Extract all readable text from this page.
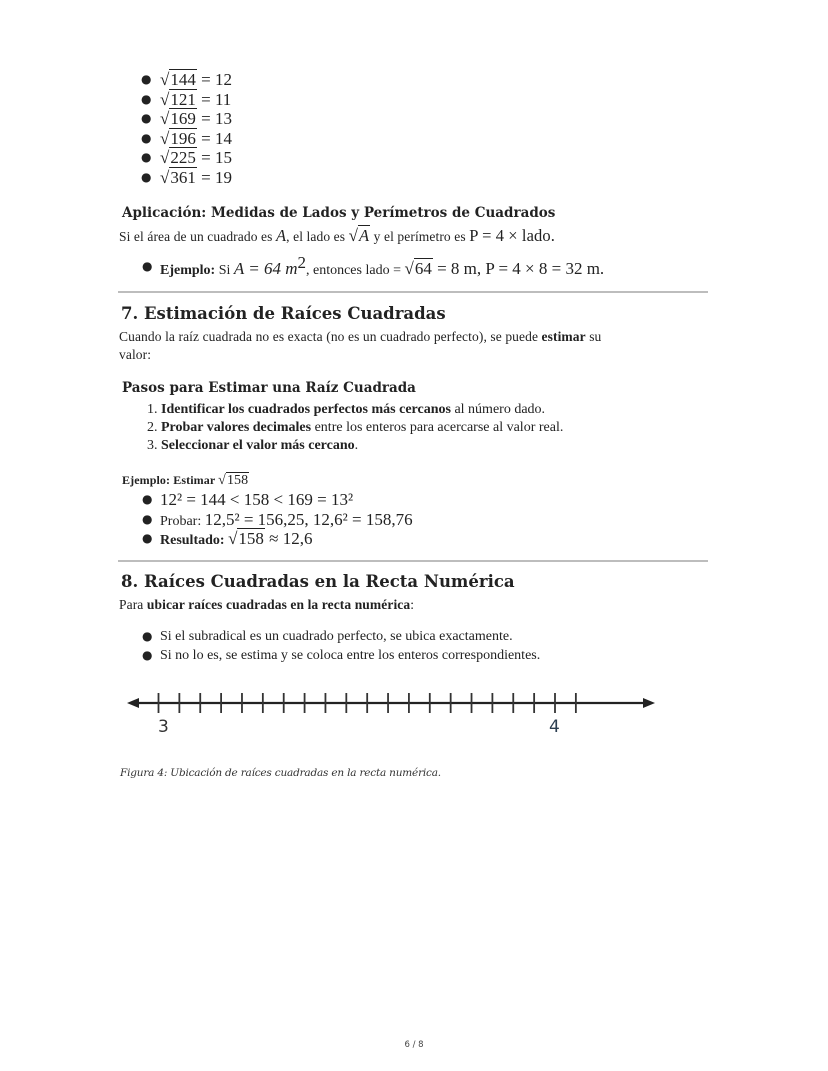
● √144 = 12
● √121 = 11
● √169 = 13
● √196 = 14
● √225 = 15
● √361 = 19
Aplicación: Medidas de Lados y Perímetros de Cuadrados
Si el área de un cuadrado es A, el lado es √A y el perímetro es P = 4 × lado.
● Ejemplo: Si A = 64 $m^2$, entonces lado = √64 = 8 m, P = 4 × 8 = 32 m.
7. Estimación de Raíces Cuadradas
Cuando la raíz cuadrada no es exacta (no es un cuadrado perfecto), se puede estimar su
valor:
Pasos para Estimar una Raíz Cuadrada
1. Identificar los cuadrados perfectos más cercanos al número dado.
2. Probar valores decimales entre los enteros para acercarse al valor real.
3. Seleccionar el valor más cercano.
Ejemplo: Estimar √158
● 12² = 144 < 158 < 169 = 13²
● Probar: 12,5² = 156,25, 12,6² = 158,76
● Resultado: √158 ≈ 12,6
8. Raíces Cuadradas en la Recta Numérica
Para ubicar raíces cuadradas en la recta numérica:
● Si el subradical es un cuadrado perfecto, se ubica exactamente.
● Si no lo es, se estima y se coloca entre los enteros correspondientes.
3	4
Figura 4: Ubicación de raíces cuadradas en la recta numérica.
6 / 8
